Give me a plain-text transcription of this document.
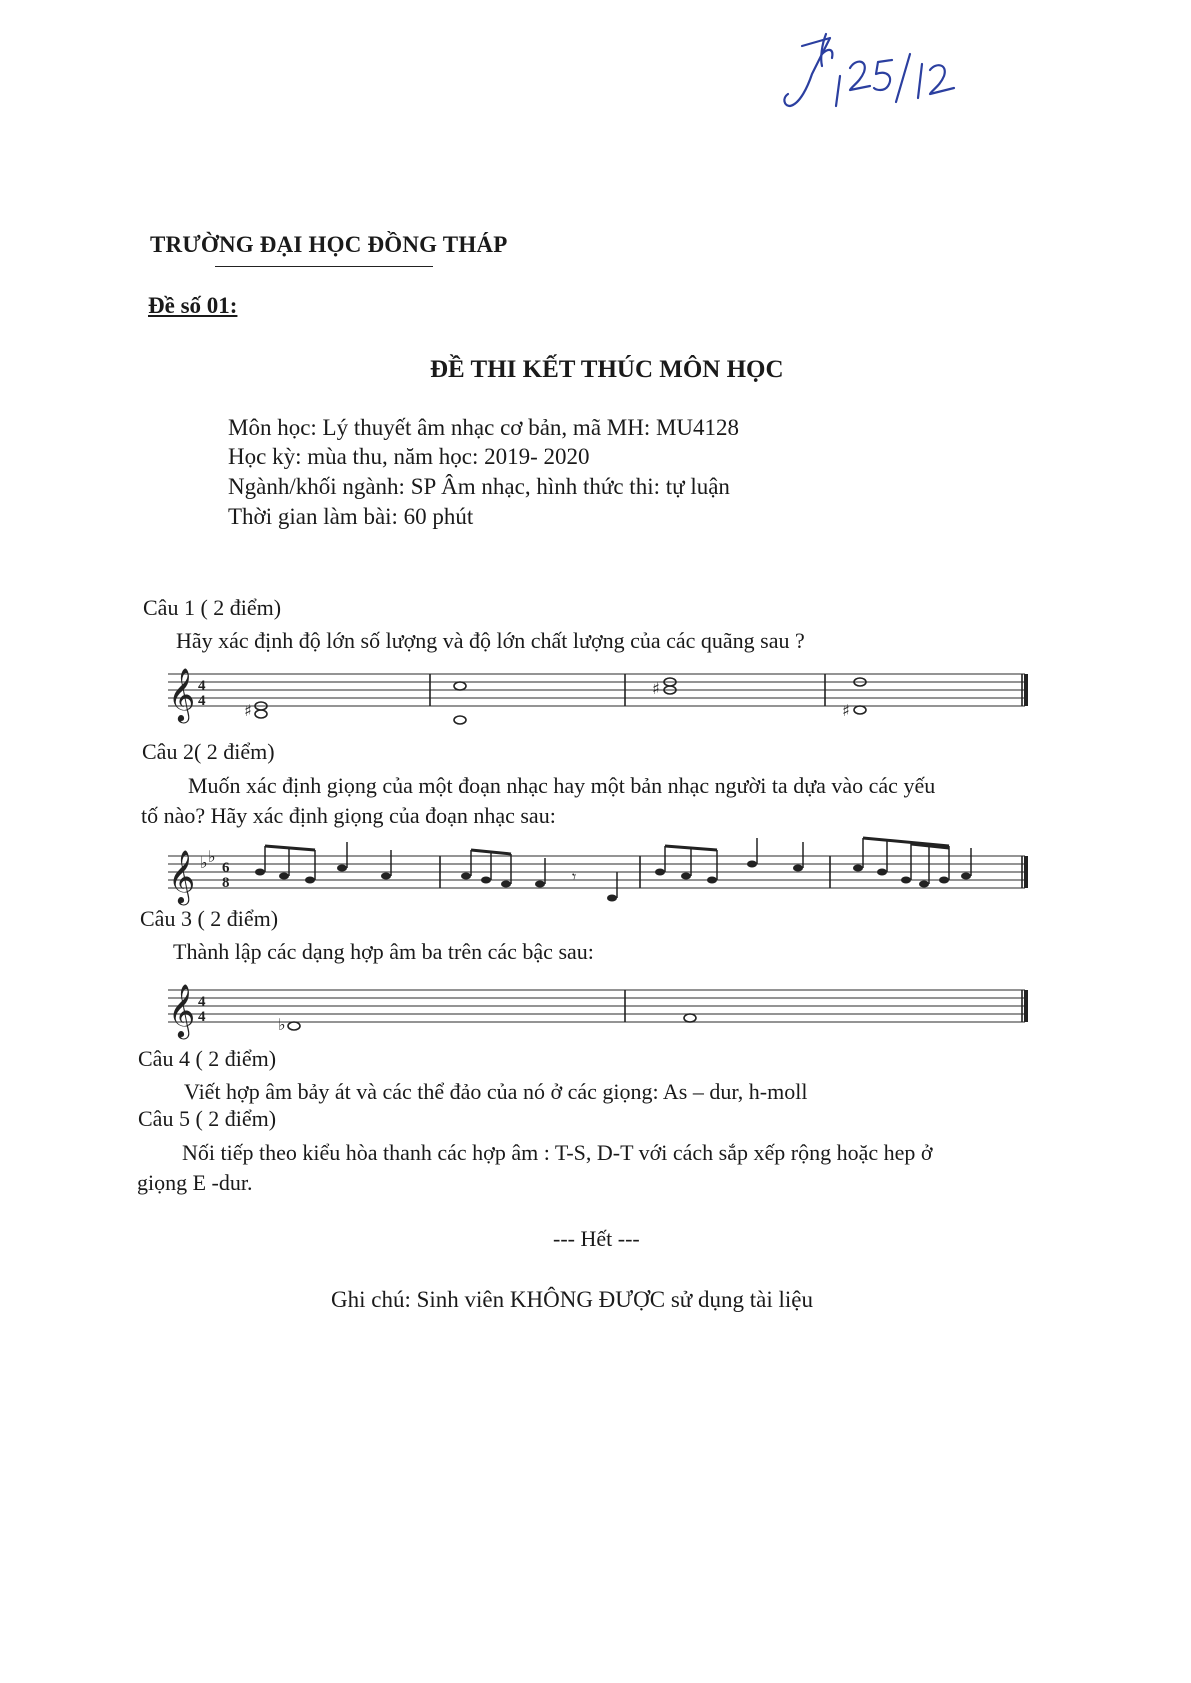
TRƯỜNG ĐẠI HỌC ĐỒNG THÁP
Đề số 01:
ĐỀ THI KẾT THÚC MÔN HỌC
Môn học: Lý thuyết âm nhạc cơ bản, mã MH: MU4128
Học kỳ: mùa thu, năm học: 2019- 2020
Ngành/khối ngành: SP Âm nhạc, hình thức thi: tự luận
Thời gian làm bài: 60 phút
Câu 1 ( 2 điểm)
Hãy xác định độ lớn số lượng và độ lớn chất lượng của các quãng sau ?
𝄞 4
4 ♯
♯
♯
Câu 2( 2 điểm)
Muốn xác định giọng của một đoạn nhạc hay một bản nhạc người ta dựa vào các yếu
tố nào? Hãy xác định giọng của đoạn nhạc sau:
𝄞 ♭ ♭
6
8	𝄾
Câu 3 ( 2 điểm)
Thành lập các dạng hợp âm ba trên các bậc sau:
𝄞 4
4	♭
Câu 4 ( 2 điểm)
Viết hợp âm bảy át và các thể đảo của nó ở các giọng: As – dur, h-moll
Câu 5 ( 2 điểm)
Nối tiếp theo kiểu hòa thanh các hợp âm : T-S, D-T với cách sắp xếp rộng hoặc hep ở
giọng E -dur.
--- Hết ---
Ghi chú: Sinh viên KHÔNG ĐƯỢC sử dụng tài liệu
